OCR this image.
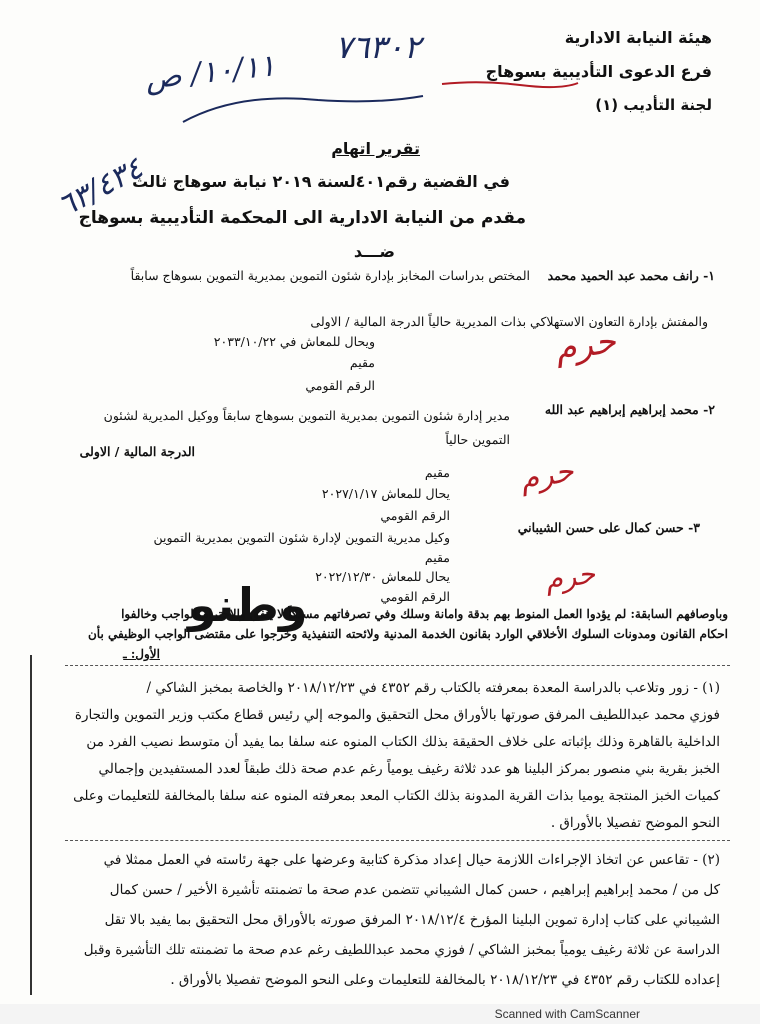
هيئة النيابة الادارية
فرع الدعوى التأديبية بسوهاج
لجنة التأديب (١)
٧٦٣٠٢
١٠/١١/ ص
٦٣/٤٣٤
تقرير اتهام
في القضية رقم٤٠١لسنة ٢٠١٩ نيابة سوهاج ثالث
مقدم من النيابة الادارية الى المحكمة التأديبية بسوهاج
ضـــد
١- رانف محمد عبد الحميد محمد
المختص بدراسات المخابز بإدارة شئون التموين بمديرية التموين بسوهاج سابقاً
والمفتش بإدارة التعاون الاستهلاكي بذات المديرية حالياً الدرجة المالية / الاولى
ويحال للمعاش في ٢٠٣٣/١٠/٢٢
مقيم
الرقم القومي
حرم
٢- محمد إبراهيم إبراهيم عبد الله
مدير إدارة شئون التموين بمديرية التموين بسوهاج سابقاً ووكيل المديرية لشئون
التموين حالياً
الدرجة المالية / الاولى
مقيم
يحال للمعاش ٢٠٢٧/١/١٧
الرقم القومي
حرم
٣- حسن كمال على حسن الشيباني
وكيل مديرية التموين لإدارة شئون التموين بمديرية التموين
مقيم
يحال للمعاش ٢٠٢٢/١٢/٣٠
الرقم القومي
حرم
وطنو
وباوصافهم السابقة: لم يؤدوا العمل المنوط بهم بدقة وامانة وسلك وفي تصرفاتهم مسلكاً لا يتفق والاحترام الواجب وخالفوا
احكام القانون ومدونات السلوك الأخلاقي الوارد بقانون الخدمة المدنية ولائحته التنفيذية وخرجوا على مقتضى الواجب الوظيفي بأن
الأول: ـ
(١) - زور وتلاعب بالدراسة المعدة بمعرفته بالكتاب رقم ٤٣٥٢ في ٢٠١٨/١٢/٢٣ والخاصة بمخبز الشاكي /
فوزي محمد عبداللطيف المرفق صورتها بالأوراق محل التحقيق والموجه إلي رئيس قطاع مكتب وزير التموين والتجارة
الداخلية بالقاهرة وذلك بإثباته على خلاف الحقيقة بذلك الكتاب المنوه عنه سلفا بما يفيد أن متوسط نصيب الفرد من
الخبز بقرية بني منصور بمركز البلينا هو عدد ثلاثة رغيف يومياً رغم عدم صحة ذلك طبقاً لعدد المستفيدين وإجمالي
كميات الخبز المنتجة يوميا بذات القرية المدونة بذلك الكتاب المعد بمعرفته المنوه عنه سلفا بالمخالفة للتعليمات وعلى
النحو الموضح تفصيلا بالأوراق .
(٢) - تقاعس عن اتخاذ الإجراءات اللازمة حيال إعداد مذكرة كتابية وعرضها على جهة رئاسته في العمل ممثلا في
كل من / محمد إبراهيم إبراهيم ، حسن كمال الشيباني تتضمن عدم صحة ما تضمنته تأشيرة الأخير / حسن كمال
الشيباني على كتاب إدارة تموين البلينا المؤرخ ٢٠١٨/١٢/٤ المرفق صورته بالأوراق محل التحقيق بما يفيد بالا تقل
الدراسة عن ثلاثة رغيف يومياً بمخبز الشاكي / فوزي محمد عبداللطيف رغم عدم صحة ما تضمنته تلك التأشيرة وقبل
إعداده للكتاب رقم ٤٣٥٢ في ٢٠١٨/١٢/٢٣ بالمخالفة للتعليمات وعلى النحو الموضح تفصيلا بالأوراق .
Scanned with CamScanner
